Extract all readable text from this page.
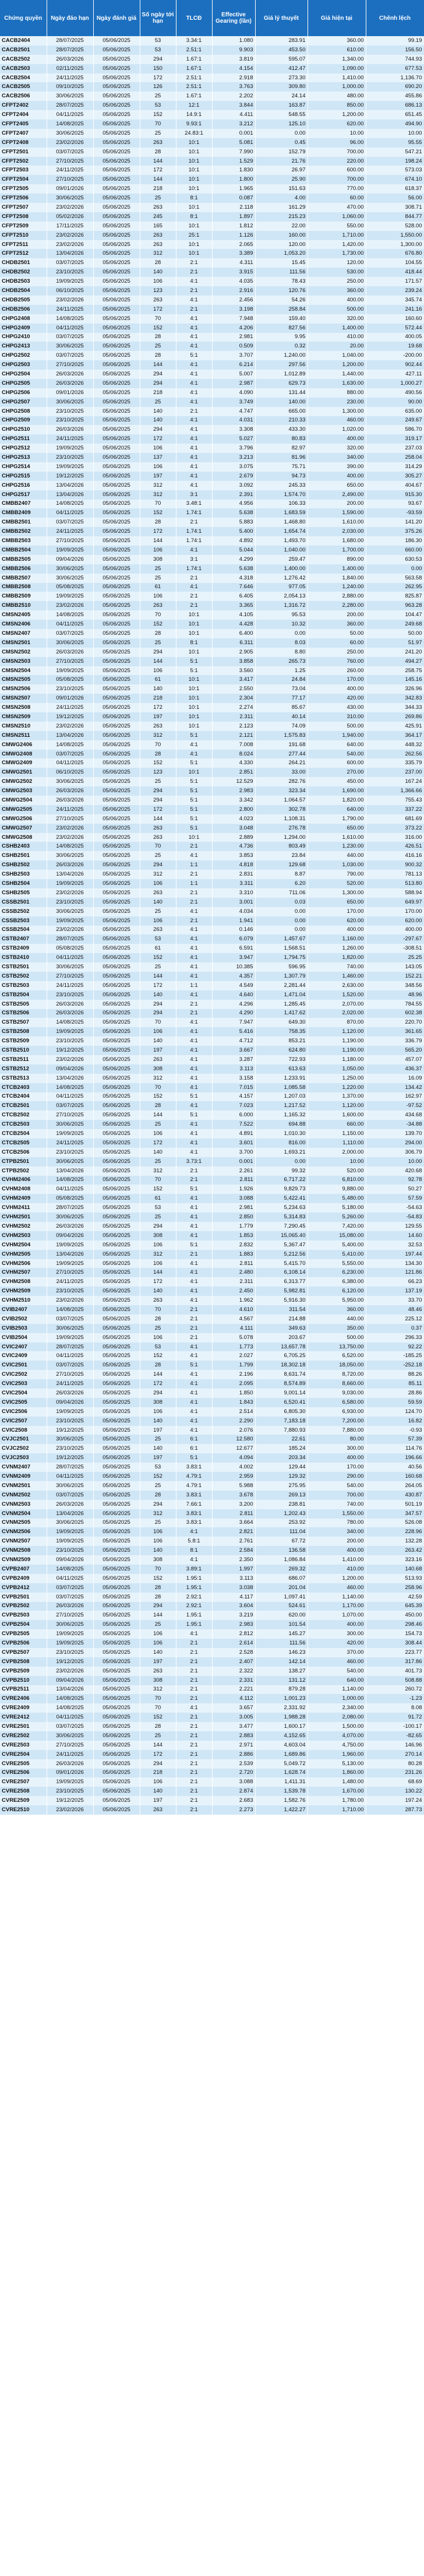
Chứng quyền	Ngày đáo hạn	Ngày đánh giá	Số ngày tới hạn	TLCĐ	Effective Gearing (lần)	Giá lý thuyết	Giá hiện tại	Chênh lệch
CACB2404	28/07/2025	05/06/2025	53	3.34:1	1.080	283.91	360.00	99.19
CACB2501	28/07/2025	05/06/2025	53	2.51:1	9.903	453.50	610.00	156.50
CACB2502	26/03/2026	05/06/2025	294	1.67:1	3.819	595.07	1,340.00	744.93
CACB2503	02/11/2025	05/06/2025	150	1.67:1	4.154	412.47	1,090.00	677.53
CACB2504	24/11/2025	05/06/2025	172	2.51:1	2.918	273.30	1,410.00	1,136.70
CACB2505	09/10/2025	05/06/2025	126	2.51:1	3.763	309.80	1,000.00	690.20
CACB2506	30/06/2025	05/06/2025	25	1.67:1	2.202	24.14	480.00	455.86
CFPT2402	28/07/2025	05/06/2025	53	12:1	3.844	163.87	850.00	686.13
CFPT2404	04/11/2025	05/06/2025	152	14.9:1	4.411	548.55	1,200.00	651.45
CFPT2405	14/08/2025	05/06/2025	70	9.93:1	3.212	125.10	620.00	494.90
CFPT2407	30/06/2025	05/06/2025	25	24.83:1	0.001	0.00	10.00	10.00
CFPT2408	23/02/2026	05/06/2025	263	10:1	5.081	0.45	96.00	95.55
CFPT2501	03/07/2025	05/06/2025	28	10:1	7.990	152.79	700.00	547.21
CFPT2502	27/10/2025	05/06/2025	144	10:1	1.529	21.76	220.00	198.24
CFPT2503	24/11/2025	05/06/2025	172	10:1	1.830	26.97	600.00	573.03
CFPT2504	27/10/2025	05/06/2025	144	10:1	1.800	25.90	700.00	674.10
CFPT2505	09/01/2026	05/06/2025	218	10:1	1.965	151.63	770.00	618.37
CFPT2506	30/06/2025	05/06/2025	25	8:1	0.087	4.00	60.00	56.00
CFPT2507	23/02/2026	05/06/2025	263	10:1	2.118	161.29	470.00	308.71
CFPT2508	05/02/2026	05/06/2025	245	8:1	1.897	215.23	1,060.00	844.77
CFPT2509	17/11/2025	05/06/2025	165	10:1	1.812	22.00	550.00	528.00
CFPT2510	23/02/2026	05/06/2025	263	25:1	1.126	160.00	1,710.00	1,550.00
CFPT2511	23/02/2026	05/06/2025	263	10:1	2.065	120.00	1,420.00	1,300.00
CFPT2512	13/04/2026	05/06/2025	312	10:1	3.389	1,053.20	1,730.00	676.80
CHDB2501	03/07/2025	05/06/2025	28	2:1	4.311	15.45	120.00	104.55
CHDB2502	23/10/2025	05/06/2025	140	2:1	3.915	111.56	530.00	418.44
CHDB2503	19/09/2025	05/06/2025	106	4:1	4.035	78.43	250.00	171.57
CHDB2504	06/10/2025	05/06/2025	123	2:1	2.916	120.76	360.00	239.24
CHDB2505	23/02/2026	05/06/2025	263	4:1	2.456	54.26	400.00	345.74
CHDB2506	24/11/2025	05/06/2025	172	2:1	3.198	258.84	500.00	241.16
CHPG2408	14/08/2025	05/06/2025	70	4:1	7.948	159.40	320.00	160.60
CHPG2409	04/11/2025	05/06/2025	152	4:1	4.206	827.56	1,400.00	572.44
CHPG2410	03/07/2025	05/06/2025	28	4:1	2.981	9.95	410.00	400.05
CHPG2413	30/06/2025	05/06/2025	25	4:1	0.509	0.32	20.00	19.68
CHPG2502	03/07/2025	05/06/2025	28	5:1	3.707	1,240.00	1,040.00	-200.00
CHPG2503	27/10/2025	05/06/2025	144	4:1	6.214	297.56	1,200.00	902.44
CHPG2504	26/03/2026	05/06/2025	294	4:1	5.007	1,012.89	1,440.00	427.11
CHPG2505	26/03/2026	05/06/2025	294	4:1	2.987	629.73	1,630.00	1,000.27
CHPG2506	09/01/2026	05/06/2025	218	4:1	4.090	131.44	880.00	490.56
CHPG2507	30/06/2025	05/06/2025	25	4:1	3.749	140.00	230.00	90.00
CHPG2508	23/10/2025	05/06/2025	140	2:1	4.747	665.00	1,300.00	635.00
CHPG2509	23/10/2025	05/06/2025	140	4:1	4.031	210.33	460.00	249.67
CHPG2510	26/03/2026	05/06/2025	294	4:1	3.308	433.30	1,020.00	586.70
CHPG2511	24/11/2025	05/06/2025	172	4:1	5.027	80.83	400.00	319.17
CHPG2512	19/09/2025	05/06/2025	106	4:1	3.796	82.97	320.00	237.03
CHPG2513	23/10/2025	05/06/2025	137	4:1	3.213	81.96	340.00	258.04
CHPG2514	19/09/2025	05/06/2025	106	4:1	3.075	75.71	390.00	314.29
CHPG2515	19/12/2025	05/06/2025	197	4:1	2.679	94.73	400.00	305.27
CHPG2516	13/04/2026	05/06/2025	312	4:1	3.092	245.33	650.00	404.67
CHPG2517	13/04/2026	05/06/2025	312	3:1	2.391	1,574.70	2,490.00	915.30
CMBB2407	14/08/2025	05/06/2025	70	3.48:1	4.956	106.33	200.00	93.67
CMBB2409	04/11/2025	05/06/2025	152	1.74:1	5.638	1,683.59	1,590.00	-93.59
CMBB2501	03/07/2025	05/06/2025	28	2:1	5.883	1,468.80	1,610.00	141.20
CMBB2502	24/11/2025	05/06/2025	172	1.74:1	5.400	1,654.74	2,030.00	375.26
CMBB2503	27/10/2025	05/06/2025	144	1.74:1	4.892	1,493.70	1,680.00	186.30
CMBB2504	19/09/2025	05/06/2025	106	4:1	5.044	1,040.00	1,700.00	660.00
CMBB2505	09/04/2026	05/06/2025	308	3:1	4.299	259.47	890.00	630.53
CMBB2506	30/06/2025	05/06/2025	25	1.74:1	5.638	1,400.00	1,400.00	0.00
CMBB2507	30/06/2025	05/06/2025	25	2:1	4.318	1,276.42	1,840.00	563.58
CMBB2508	05/08/2025	05/06/2025	61	4:1	7.646	977.05	1,240.00	262.95
CMBB2509	19/09/2025	05/06/2025	106	2:1	6.405	2,054.13	2,880.00	825.87
CMBB2510	23/02/2026	05/06/2025	263	2:1	3.365	1,316.72	2,280.00	963.28
CMSN2405	14/08/2025	05/06/2025	70	10:1	4.105	95.53	200.00	104.47
CMSN2406	04/11/2025	05/06/2025	152	10:1	4.428	10.32	360.00	249.68
CMSN2407	03/07/2025	05/06/2025	28	10:1	6.400	0.00	50.00	50.00
CMSN2501	30/06/2025	05/06/2025	25	8:1	6.311	8.03	60.00	51.97
CMSN2502	26/03/2026	05/06/2025	294	10:1	2.905	8.80	250.00	241.20
CMSN2503	27/10/2025	05/06/2025	144	5:1	3.858	265.73	760.00	494.27
CMSN2504	19/09/2025	05/06/2025	106	5:1	3.560	1.25	260.00	258.75
CMSN2505	05/08/2025	05/06/2025	61	10:1	3.417	24.84	170.00	145.16
CMSN2506	23/10/2025	05/06/2025	140	10:1	2.550	73.04	400.00	326.96
CMSN2507	09/01/2026	05/06/2025	218	10:1	2.304	77.17	420.00	342.83
CMSN2508	24/11/2025	05/06/2025	172	10:1	2.274	85.67	430.00	344.33
CMSN2509	19/12/2025	05/06/2025	197	10:1	2.311	40.14	310.00	269.86
CMSN2510	23/02/2026	05/06/2025	263	10:1	2.123	74.09	500.00	425.91
CMSN2511	13/04/2026	05/06/2025	312	5:1	2.121	1,575.83	1,940.00	364.17
CMWG2406	14/08/2025	05/06/2025	70	4:1	7.008	191.68	640.00	448.32
CMWG2408	03/07/2025	05/06/2025	28	4:1	8.024	277.44	540.00	262.56
CMWG2409	04/11/2025	05/06/2025	152	5:1	4.330	264.21	600.00	335.79
CMWG2501	06/10/2025	05/06/2025	123	10:1	2.851	33.00	270.00	237.00
CMWG2502	30/06/2025	05/06/2025	25	5:1	12.529	282.76	450.00	167.24
CMWG2503	26/03/2026	05/06/2025	294	5:1	2.983	323.34	1,690.00	1,366.66
CMWG2504	26/03/2026	05/06/2025	294	5:1	3.342	1,064.57	1,820.00	755.43
CMWG2505	24/11/2025	05/06/2025	172	5:1	2.800	302.78	640.00	337.22
CMWG2506	27/10/2025	05/06/2025	144	5:1	4.023	1,108.31	1,790.00	681.69
CMWG2507	23/02/2026	05/06/2025	263	5:1	3.048	276.78	650.00	373.22
CMWG2508	23/02/2026	05/06/2025	263	10:1	2.889	1,294.00	1,610.00	316.00
CSHB2403	14/08/2025	05/06/2025	70	2:1	4.736	803.49	1,230.00	426.51
CSHB2501	30/06/2025	05/06/2025	25	4:1	3.853	23.84	440.00	416.16
CSHB2502	26/03/2026	05/06/2025	294	1:1	4.818	129.68	1,030.00	900.32
CSHB2503	13/04/2026	05/06/2025	312	2:1	2.831	8.87	790.00	781.13
CSHB2504	19/09/2025	05/06/2025	106	1:1	3.311	6.20	520.00	513.80
CSHB2505	23/02/2026	05/06/2025	263	2:1	3.310	711.06	1,300.00	588.94
CSSB2501	23/10/2025	05/06/2025	140	2:1	3.001	0.03	650.00	649.97
CSSB2502	30/06/2025	05/06/2025	25	4:1	4.034	0.00	170.00	170.00
CSSB2503	19/09/2025	05/06/2025	106	2:1	1.941	0.00	620.00	620.00
CSSB2504	23/02/2026	05/06/2025	263	4:1	0.146	0.00	400.00	400.00
CSTB2407	28/07/2025	05/06/2025	53	4:1	6.079	1,457.67	1,160.00	-297.67
CSTB2409	05/08/2025	05/06/2025	61	4:1	6.591	1,568.51	1,260.00	-308.51
CSTB2410	04/11/2025	05/06/2025	152	4:1	3.947	1,794.75	1,820.00	25.25
CSTB2501	30/06/2025	05/06/2025	25	4:1	10.385	596.95	740.00	143.05
CSTB2502	27/10/2025	05/06/2025	144	4:1	4.357	1,307.79	1,460.00	152.21
CSTB2503	24/11/2025	05/06/2025	172	1:1	4.549	2,281.44	2,630.00	348.56
CSTB2504	23/10/2025	05/06/2025	140	4:1	4.640	1,471.04	1,520.00	48.96
CSTB2505	26/03/2026	05/06/2025	294	2:1	4.296	1,285.45	2,070.00	784.55
CSTB2506	26/03/2026	05/06/2025	294	2:1	4.290	1,417.62	2,020.00	602.38
CSTB2507	14/08/2025	05/06/2025	70	4:1	7.947	649.30	870.00	220.70
CSTB2508	19/09/2025	05/06/2025	106	4:1	5.416	758.35	1,120.00	361.65
CSTB2509	23/10/2025	05/06/2025	140	4:1	4.712	853.21	1,190.00	336.79
CSTB2510	19/12/2025	05/06/2025	197	4:1	3.667	624.80	1,190.00	565.20
CSTB2511	23/02/2026	05/06/2025	263	4:1	3.287	722.93	1,180.00	457.07
CSTB2512	09/04/2026	05/06/2025	308	4:1	3.113	613.63	1,050.00	436.37
CSTB2513	13/04/2026	05/06/2025	312	4:1	3.158	1,233.91	1,250.00	16.09
CTCB2403	14/08/2025	05/06/2025	70	4:1	7.015	1,085.58	1,220.00	134.42
CTCB2404	04/11/2025	05/06/2025	152	5:1	4.157	1,207.03	1,370.00	162.97
CTCB2501	03/07/2025	05/06/2025	28	4:1	7.023	1,217.52	1,120.00	-97.52
CTCB2502	27/10/2025	05/06/2025	144	5:1	6.000	1,165.32	1,600.00	434.68
CTCB2503	30/06/2025	05/06/2025	25	4:1	7.522	694.88	660.00	-34.88
CTCB2504	19/09/2025	05/06/2025	106	4:1	4.891	1,010.30	1,150.00	139.70
CTCB2505	24/11/2025	05/06/2025	172	4:1	3.601	816.00	1,110.00	294.00
CTCB2506	23/10/2025	05/06/2025	140	4:1	3.700	1,693.21	2,000.00	306.79
CTPB2501	30/06/2025	05/06/2025	25	3.73:1	0.001	0.00	10.00	10.00
CTPB2502	13/04/2026	05/06/2025	312	2:1	2.261	99.32	520.00	420.68
CVHM2406	14/08/2025	05/06/2025	70	2:1	2.811	6,717.22	6,810.00	92.78
CVHM2408	04/11/2025	05/06/2025	152	5:1	1.926	9,829.73	9,880.00	50.27
CVHM2409	05/08/2025	05/06/2025	61	4:1	3.088	5,422.41	5,480.00	57.59
CVHM2411	28/07/2025	05/06/2025	53	4:1	2.981	5,234.63	5,180.00	-54.63
CVHM2501	30/06/2025	05/06/2025	25	4:1	2.850	5,314.83	5,260.00	-54.83
CVHM2502	26/03/2026	05/06/2025	294	4:1	1.779	7,290.45	7,420.00	129.55
CVHM2503	09/04/2026	05/06/2025	308	4:1	1.853	15,065.40	15,080.00	14.60
CVHM2504	19/09/2025	05/06/2025	106	5:1	2.832	5,367.47	5,400.00	32.53
CVHM2505	13/04/2026	05/06/2025	312	2:1	1.883	5,212.56	5,410.00	197.44
CVHM2506	19/09/2025	05/06/2025	106	4:1	2.811	5,415.70	5,550.00	134.30
CVHM2507	27/10/2025	05/06/2025	144	4:1	2.480	6,108.14	6,230.00	121.86
CVHM2508	24/11/2025	05/06/2025	172	4:1	2.311	6,313.77	6,380.00	66.23
CVHM2509	23/10/2025	05/06/2025	140	4:1	2.450	5,982.81	6,120.00	137.19
CVHM2510	23/02/2026	05/06/2025	263	4:1	1.962	5,916.30	5,950.00	33.70
CVIB2407	14/08/2025	05/06/2025	70	2:1	4.610	311.54	360.00	48.46
CVIB2502	03/07/2025	05/06/2025	28	2:1	4.567	214.88	440.00	225.12
CVIB2503	30/06/2025	05/06/2025	25	2:1	4.111	349.63	350.00	0.37
CVIB2504	19/09/2025	05/06/2025	106	2:1	5.078	203.67	500.00	296.33
CVIC2407	28/07/2025	05/06/2025	53	4:1	1.773	13,657.78	13,750.00	92.22
CVIC2409	04/11/2025	05/06/2025	152	4:1	2.027	6,705.25	6,520.00	-185.25
CVIC2501	03/07/2025	05/06/2025	28	5:1	1.799	18,302.18	18,050.00	-252.18
CVIC2502	27/10/2025	05/06/2025	144	4:1	2.196	8,631.74	8,720.00	88.26
CVIC2503	24/11/2025	05/06/2025	172	4:1	2.095	8,574.89	8,660.00	85.11
CVIC2504	26/03/2026	05/06/2025	294	4:1	1.850	9,001.14	9,030.00	28.86
CVIC2505	09/04/2026	05/06/2025	308	4:1	1.843	6,520.41	6,580.00	59.59
CVIC2506	19/09/2025	05/06/2025	106	4:1	2.514	6,805.30	6,930.00	124.70
CVIC2507	23/10/2025	05/06/2025	140	4:1	2.290	7,183.18	7,200.00	16.82
CVIC2508	19/12/2025	05/06/2025	197	4:1	2.076	7,880.93	7,880.00	-0.93
CVJC2501	30/06/2025	05/06/2025	25	6:1	12.580	22.61	80.00	57.39
CVJC2502	23/10/2025	05/06/2025	140	6:1	12.677	185.24	300.00	114.76
CVJC2503	19/12/2025	05/06/2025	197	5:1	4.094	203.34	400.00	196.66
CVNM2407	28/07/2025	05/06/2025	53	3.83:1	4.002	129.44	170.00	40.56
CVNM2409	04/11/2025	05/06/2025	152	4.79:1	2.959	129.32	290.00	160.68
CVNM2501	30/06/2025	05/06/2025	25	4.79:1	5.988	275.95	540.00	264.05
CVNM2502	03/07/2025	05/06/2025	28	3.83:1	3.678	269.13	700.00	430.87
CVNM2503	26/03/2026	05/06/2025	294	7.66:1	3.200	238.81	740.00	501.19
CVNM2504	13/04/2026	05/06/2025	312	3.83:1	2.811	1,202.43	1,550.00	347.57
CVNM2505	30/06/2025	05/06/2025	25	3.83:1	3.664	253.92	780.00	526.08
CVNM2506	19/09/2025	05/06/2025	106	4:1	2.821	111.04	340.00	228.96
CVNM2507	19/09/2025	05/06/2025	106	5.8:1	2.761	67.72	200.00	132.28
CVNM2508	23/10/2025	05/06/2025	140	8:1	2.584	136.58	400.00	263.42
CVNM2509	09/04/2026	05/06/2025	308	4:1	2.350	1,086.84	1,410.00	323.16
CVPB2407	14/08/2025	05/06/2025	70	3.89:1	1.997	269.32	410.00	140.68
CVPB2409	04/11/2025	05/06/2025	152	1.95:1	3.113	686.07	1,200.00	513.93
CVPB2412	03/07/2025	05/06/2025	28	1.95:1	3.038	201.04	460.00	258.96
CVPB2501	03/07/2025	05/06/2025	28	2.92:1	4.117	1,097.41	1,140.00	42.59
CVPB2502	26/03/2026	05/06/2025	294	2.92:1	3.604	524.61	1,170.00	645.39
CVPB2503	27/10/2025	05/06/2025	144	1.95:1	3.219	620.00	1,070.00	450.00
CVPB2504	30/06/2025	05/06/2025	25	1.95:1	2.983	101.54	400.00	298.46
CVPB2505	19/09/2025	05/06/2025	106	4:1	2.812	145.27	300.00	154.73
CVPB2506	19/09/2025	05/06/2025	106	2:1	2.614	111.56	420.00	308.44
CVPB2507	23/10/2025	05/06/2025	140	2:1	2.528	146.23	370.00	223.77
CVPB2508	19/12/2025	05/06/2025	197	2:1	2.407	142.14	460.00	317.86
CVPB2509	23/02/2026	05/06/2025	263	2:1	2.322	138.27	540.00	401.73
CVPB2510	09/04/2026	05/06/2025	308	2:1	2.331	131.12	640.00	508.88
CVPB2511	13/04/2026	05/06/2025	312	2:1	2.221	879.28	1,140.00	260.72
CVRE2406	14/08/2025	05/06/2025	70	2:1	4.112	1,001.23	1,000.00	-1.23
CVRE2409	14/08/2025	05/06/2025	70	4:1	3.657	2,331.92	2,340.00	8.08
CVRE2412	04/11/2025	05/06/2025	152	2:1	3.005	1,988.28	2,080.00	91.72
CVRE2501	03/07/2025	05/06/2025	28	2:1	3.477	1,600.17	1,500.00	-100.17
CVRE2502	30/06/2025	05/06/2025	25	2:1	2.883	4,152.65	4,070.00	-82.65
CVRE2503	27/10/2025	05/06/2025	144	2:1	2.971	4,603.04	4,750.00	146.96
CVRE2504	24/11/2025	05/06/2025	172	2:1	2.886	1,689.86	1,960.00	270.14
CVRE2505	26/03/2026	05/06/2025	294	2:1	2.539	5,049.72	5,130.00	80.28
CVRE2506	09/01/2026	05/06/2025	218	2:1	2.720	1,628.74	1,860.00	231.26
CVRE2507	19/09/2025	05/06/2025	106	2:1	3.088	1,411.31	1,480.00	68.69
CVRE2508	23/10/2025	05/06/2025	140	2:1	2.874	1,539.78	1,670.00	130.22
CVRE2509	19/12/2025	05/06/2025	197	2:1	2.683	1,582.76	1,780.00	197.24
CVRE2510	23/02/2026	05/06/2025	263	2:1	2.273	1,422.27	1,710.00	287.73
